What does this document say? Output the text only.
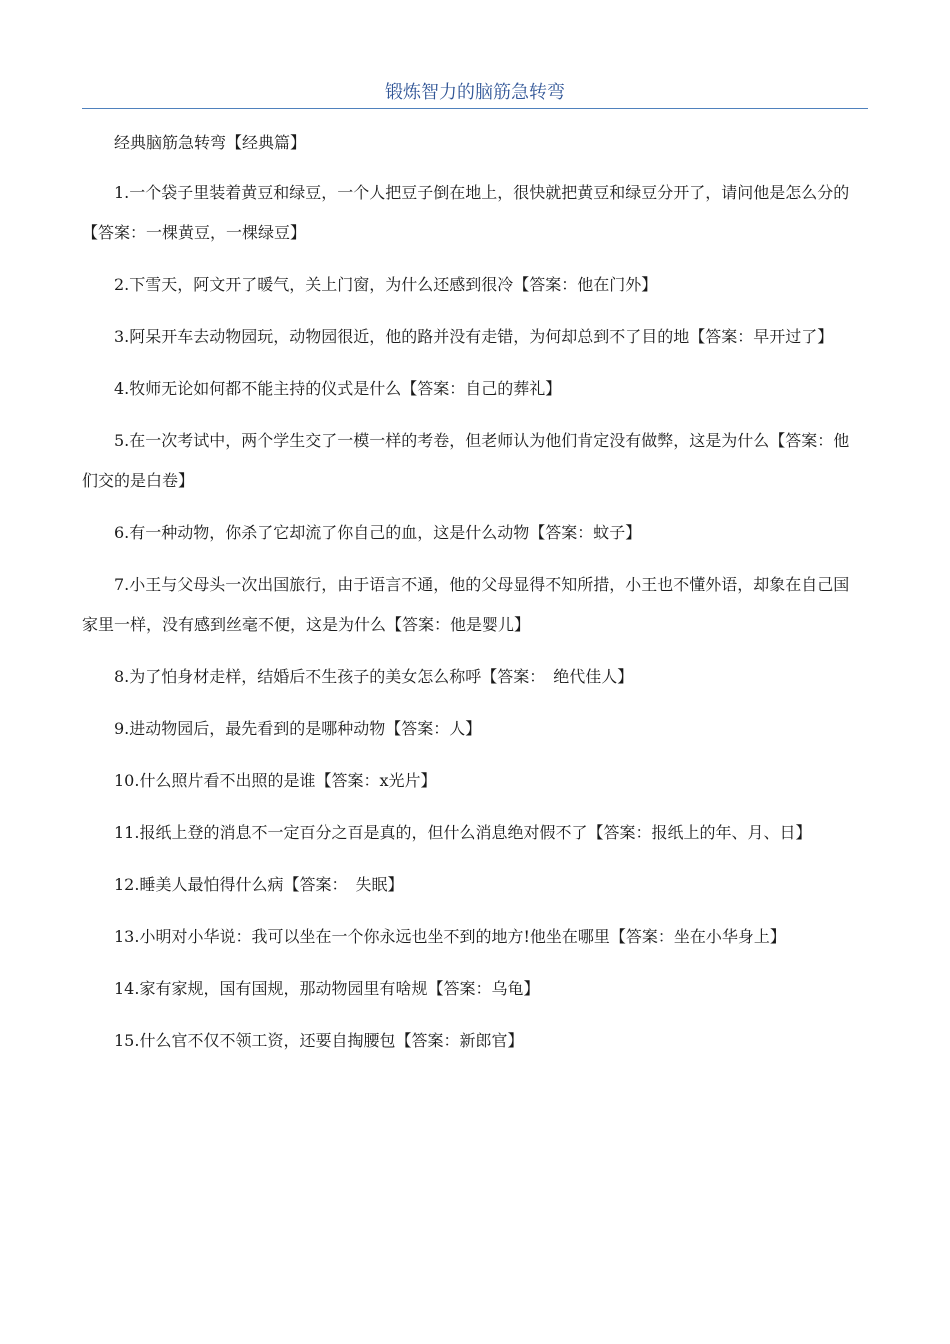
锻炼智力的脑筋急转弯

经典脑筋急转弯【经典篇】

1.一个袋子里装着黄豆和绿豆，一个人把豆子倒在地上，很快就把黄豆和绿豆分开了，请问他是怎么分的【答案：一棵黄豆，一棵绿豆】

2.下雪天，阿文开了暖气，关上门窗，为什么还感到很冷【答案：他在门外】

3.阿呆开车去动物园玩，动物园很近，他的路并没有走错，为何却总到不了目的地【答案：早开过了】

4.牧师无论如何都不能主持的仪式是什么【答案：自己的葬礼】

5.在一次考试中，两个学生交了一模一样的考卷，但老师认为他们肯定没有做弊，这是为什么【答案：他们交的是白卷】

6.有一种动物，你杀了它却流了你自己的血，这是什么动物【答案：蚊子】

7.小王与父母头一次出国旅行，由于语言不通，他的父母显得不知所措，小王也不懂外语，却象在自己国家里一样，没有感到丝毫不便，这是为什么【答案：他是婴儿】

8.为了怕身材走样，结婚后不生孩子的美女怎么称呼【答案：　绝代佳人】

9.进动物园后，最先看到的是哪种动物【答案：人】

10.什么照片看不出照的是谁【答案：x光片】

11.报纸上登的消息不一定百分之百是真的，但什么消息绝对假不了【答案：报纸上的年、月、日】

12.睡美人最怕得什么病【答案：　失眠】

13.小明对小华说：我可以坐在一个你永远也坐不到的地方!他坐在哪里【答案：坐在小华身上】

14.家有家规，国有国规，那动物园里有啥规【答案：乌龟】

15.什么官不仅不领工资，还要自掏腰包【答案：新郎官】
